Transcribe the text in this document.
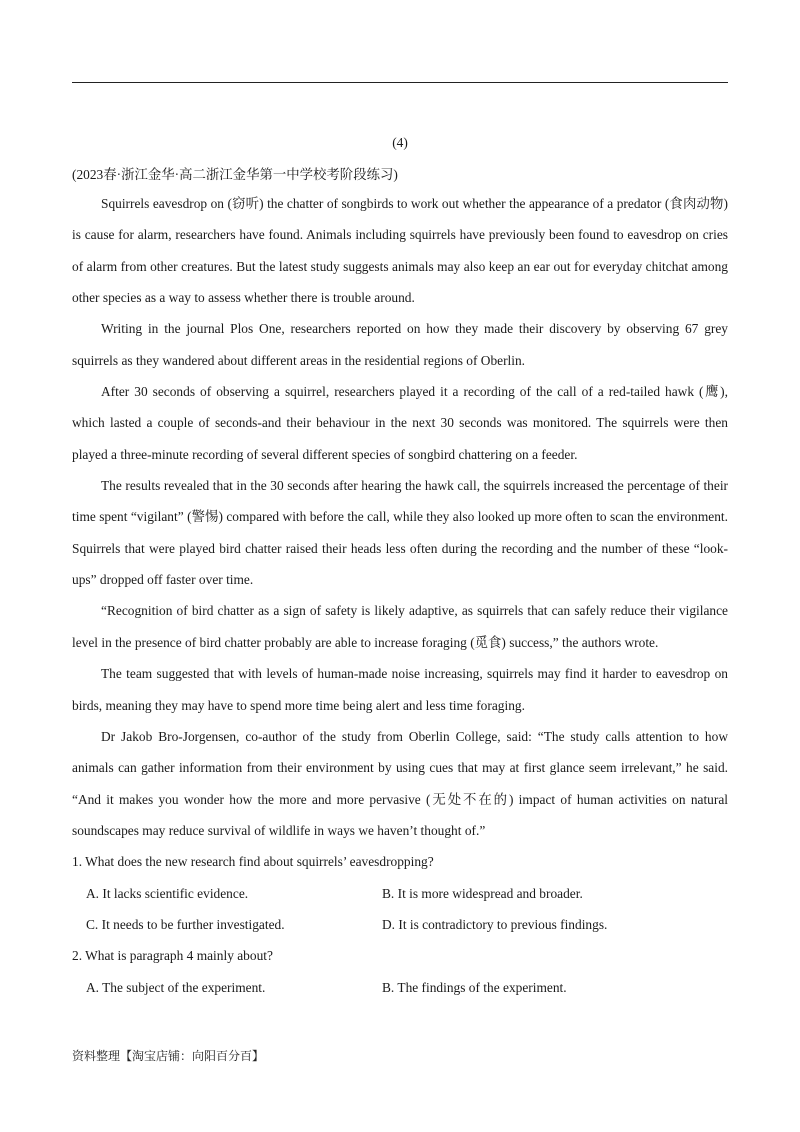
(4)

(2023春·浙江金华·高二浙江金华第一中学校考阶段练习)

Squirrels eavesdrop on (窃听) the chatter of songbirds to work out whether the appearance of a predator (食肉动物) is cause for alarm, researchers have found. Animals including squirrels have previously been found to eavesdrop on cries of alarm from other creatures. But the latest study suggests animals may also keep an ear out for everyday chitchat among other species as a way to assess whether there is trouble around.

Writing in the journal Plos One, researchers reported on how they made their discovery by observing 67 grey squirrels as they wandered about different areas in the residential regions of Oberlin.

After 30 seconds of observing a squirrel, researchers played it a recording of the call of a red-tailed hawk (鹰), which lasted a couple of seconds-and their behaviour in the next 30 seconds was monitored. The squirrels were then played a three-minute recording of several different species of songbird chattering on a feeder.

The results revealed that in the 30 seconds after hearing the hawk call, the squirrels increased the percentage of their time spent “vigilant” (警惕) compared with before the call, while they also looked up more often to scan the environment. Squirrels that were played bird chatter raised their heads less often during the recording and the number of these “look-ups” dropped off faster over time.

“Recognition of bird chatter as a sign of safety is likely adaptive, as squirrels that can safely reduce their vigilance level in the presence of bird chatter probably are able to increase foraging (觅食) success,” the authors wrote.

The team suggested that with levels of human-made noise increasing, squirrels may find it harder to eavesdrop on birds, meaning they may have to spend more time being alert and less time foraging.

Dr Jakob Bro-Jorgensen, co-author of the study from Oberlin College, said: “The study calls attention to how animals can gather information from their environment by using cues that may at first glance seem irrelevant,” he said. “And it makes you wonder how the more and more pervasive (无处不在的) impact of human activities on natural soundscapes may reduce survival of wildlife in ways we haven’t thought of.”

1. What does the new research find about squirrels’ eavesdropping?

A. It lacks scientific evidence.	B. It is more widespread and broader.
C. It needs to be further investigated.	D. It is contradictory to previous findings.

2. What is paragraph 4 mainly about?

A. The subject of the experiment.	B. The findings of the experiment.
资料整理【淘宝店铺：向阳百分百】
